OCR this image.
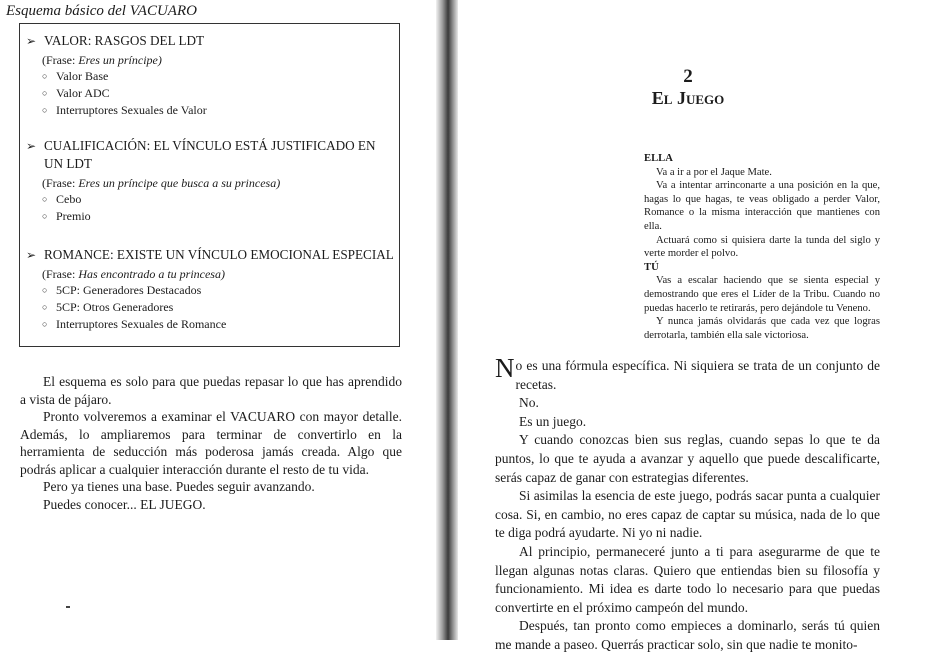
Esquema básico del VACUARO
➢ VALOR: RASGOS DEL LDT
(Frase: Eres un príncipe)
○ Valor Base
○ Valor ADC
○ Interruptores Sexuales de Valor
➢ CUALIFICACIÓN: EL VÍNCULO ESTÁ JUSTIFICADO EN UN LDT
(Frase: Eres un príncipe que busca a su princesa)
○ Cebo
○ Premio
➢ ROMANCE: EXISTE UN VÍNCULO EMOCIONAL ESPECIAL
(Frase: Has encontrado a tu princesa)
○ 5CP: Generadores Destacados
○ 5CP: Otros Generadores
○ Interruptores Sexuales de Romance

El esquema es solo para que puedas repasar lo que has aprendido a vista de pájaro.

Pronto volveremos a examinar el VACUARO con mayor detalle. Además, lo ampliaremos para terminar de convertirlo en la herramienta de seducción más poderosa jamás creada. Algo que podrás aplicar a cualquier interacción durante el resto de tu vida.

Pero ya tienes una base. Puedes seguir avanzando.

Puedes conocer... EL JUEGO.

2
El Juego
ELLA

Va a ir a por el Jaque Mate.

Va a intentar arrinconarte a una posición en la que, hagas lo que hagas, te veas obligado a perder Valor, Romance o la misma interacción que mantienes con ella.

Actuará como si quisiera darte la tunda del siglo y verte morder el polvo.

TÚ

Vas a escalar haciendo que se sienta especial y demostrando que eres el Líder de la Tribu. Cuando no puedas hacerlo te retirarás, pero dejándole tu Veneno.

Y nunca jamás olvidarás que cada vez que logras derrotarla, también ella sale victoriosa.

No es una fórmula específica. Ni siquiera se trata de un conjunto de recetas.

No.

Es un juego.

Y cuando conozcas bien sus reglas, cuando sepas lo que te da puntos, lo que te ayuda a avanzar y aquello que puede descalificarte, serás capaz de ganar con estrategias diferentes.

Si asimilas la esencia de este juego, podrás sacar punta a cualquier cosa. Si, en cambio, no eres capaz de captar su música, nada de lo que te diga podrá ayudarte. Ni yo ni nadie.

Al principio, permaneceré junto a ti para asegurarme de que te llegan algunas notas claras. Quiero que entiendas bien su filosofía y funcionamiento. Mi idea es darte todo lo necesario para que puedas convertirte en el próximo campeón del mundo.

Después, tan pronto como empieces a dominarlo, serás tú quien me mande a paseo. Querrás practicar solo, sin que nadie te monito-
